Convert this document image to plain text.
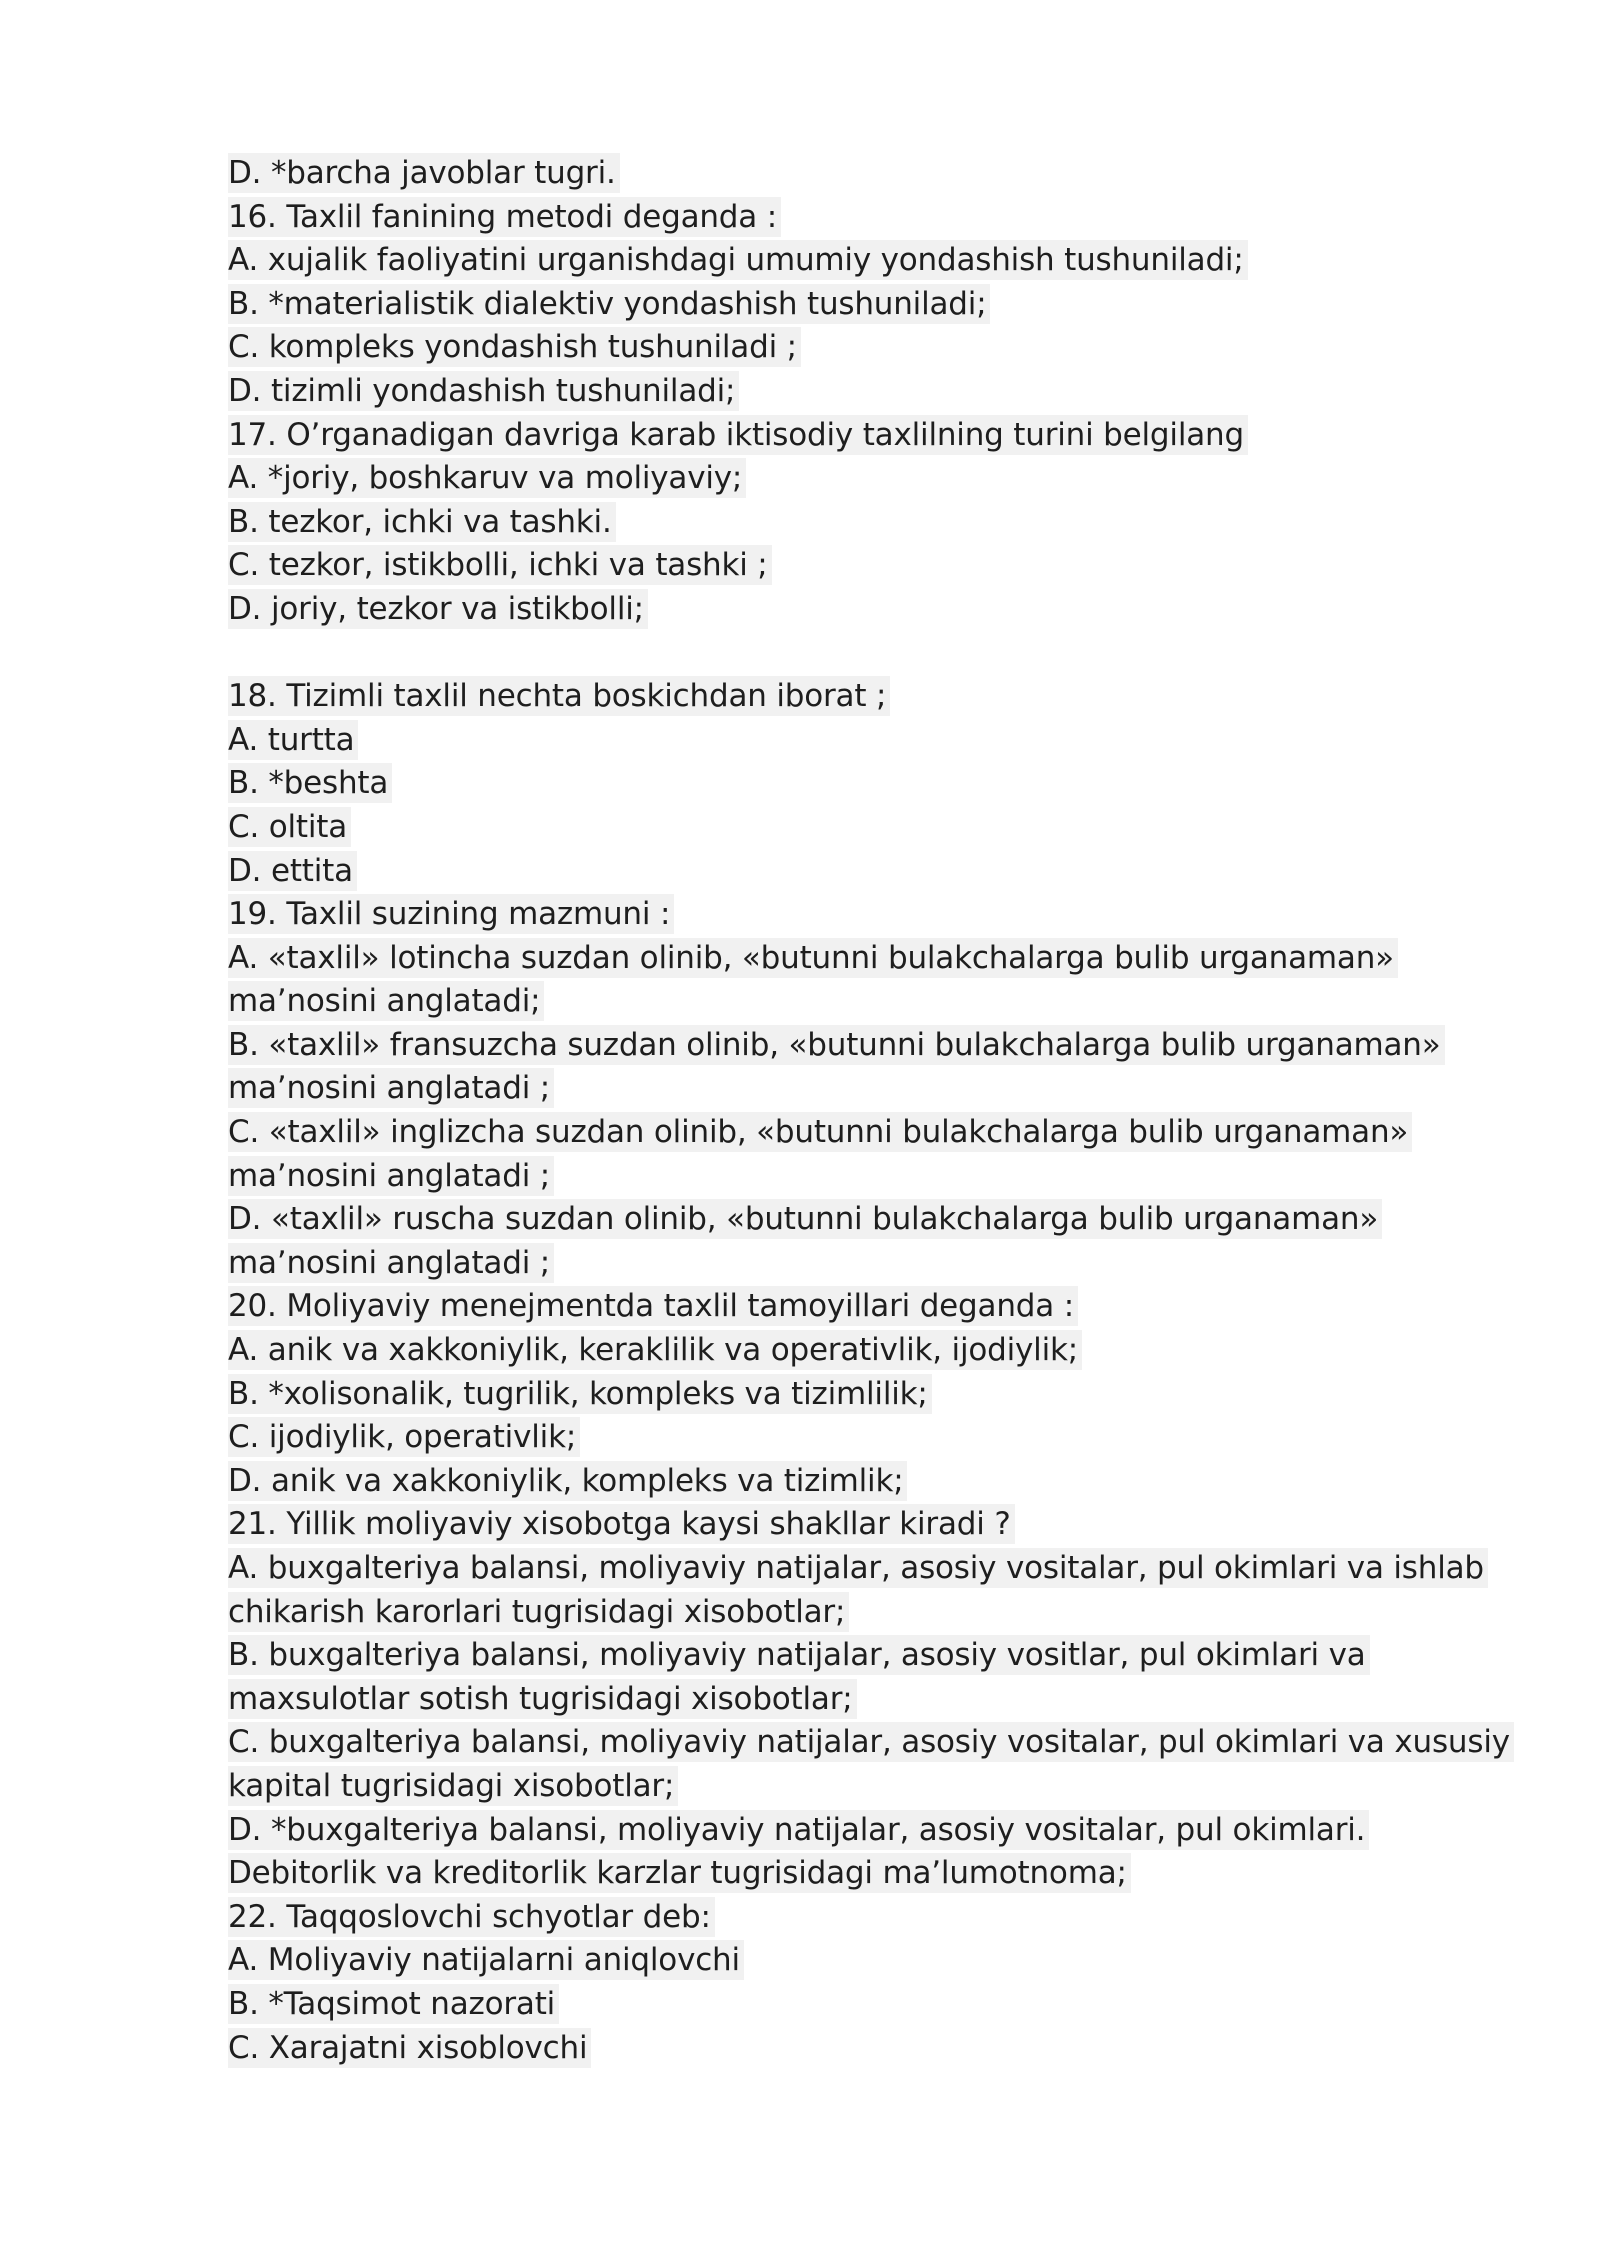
D. *barcha javoblar tugri.
16. Taxlil fanining metodi deganda :
A. xujalik faoliyatini urganishdagi umumiy yondashish tushuniladi;
B. *materialistik dialektiv yondashish tushuniladi;
C. kompleks yondashish tushuniladi ;
D. tizimli yondashish tushuniladi;
17. O’rganadigan davriga karab iktisodiy taxlilning turini belgilang
A. *joriy, boshkaruv va moliyaviy;
B. tezkor, ichki va tashki.
C. tezkor, istikbolli, ichki va tashki ;
D. joriy, tezkor va istikbolli;
18. Tizimli taxlil nechta boskichdan iborat ;
A. turtta
B. *beshta
C. oltita
D. ettita
19. Taxlil suzining mazmuni :
A. «taxlil» lotincha suzdan olinib, «butunni bulakchalarga bulib urganaman»
ma’nosini anglatadi;
B. «taxlil» fransuzcha suzdan olinib, «butunni bulakchalarga bulib urganaman»
ma’nosini anglatadi ;
C. «taxlil» inglizcha suzdan olinib, «butunni bulakchalarga bulib urganaman»
ma’nosini anglatadi ;
D. «taxlil» ruscha suzdan olinib, «butunni bulakchalarga bulib urganaman»
ma’nosini anglatadi ;
20. Moliyaviy menejmentda taxlil tamoyillari deganda :
A. anik va xakkoniylik, keraklilik va operativlik, ijodiylik;
B. *xolisonalik, tugrilik, kompleks va tizimlilik;
C. ijodiylik, operativlik;
D. anik va xakkoniylik, kompleks va tizimlik;
21. Yillik moliyaviy xisobotga kaysi shakllar kiradi ?
A. buxgalteriya balansi, moliyaviy natijalar, asosiy vositalar, pul okimlari va ishlab
chikarish karorlari tugrisidagi xisobotlar;
B. buxgalteriya balansi, moliyaviy natijalar, asosiy vositlar, pul okimlari va
maxsulotlar sotish tugrisidagi xisobotlar;
C. buxgalteriya balansi, moliyaviy natijalar, asosiy vositalar, pul okimlari va xususiy
kapital tugrisidagi xisobotlar;
D. *buxgalteriya balansi, moliyaviy natijalar, asosiy vositalar, pul okimlari.
Debitorlik va kreditorlik karzlar tugrisidagi ma’lumotnoma;
22. Taqqoslovchi schyotlar deb:
A. Moliyaviy natijalarni aniqlovchi
B. *Taqsimot nazorati
C. Xarajatni xisoblovchi
